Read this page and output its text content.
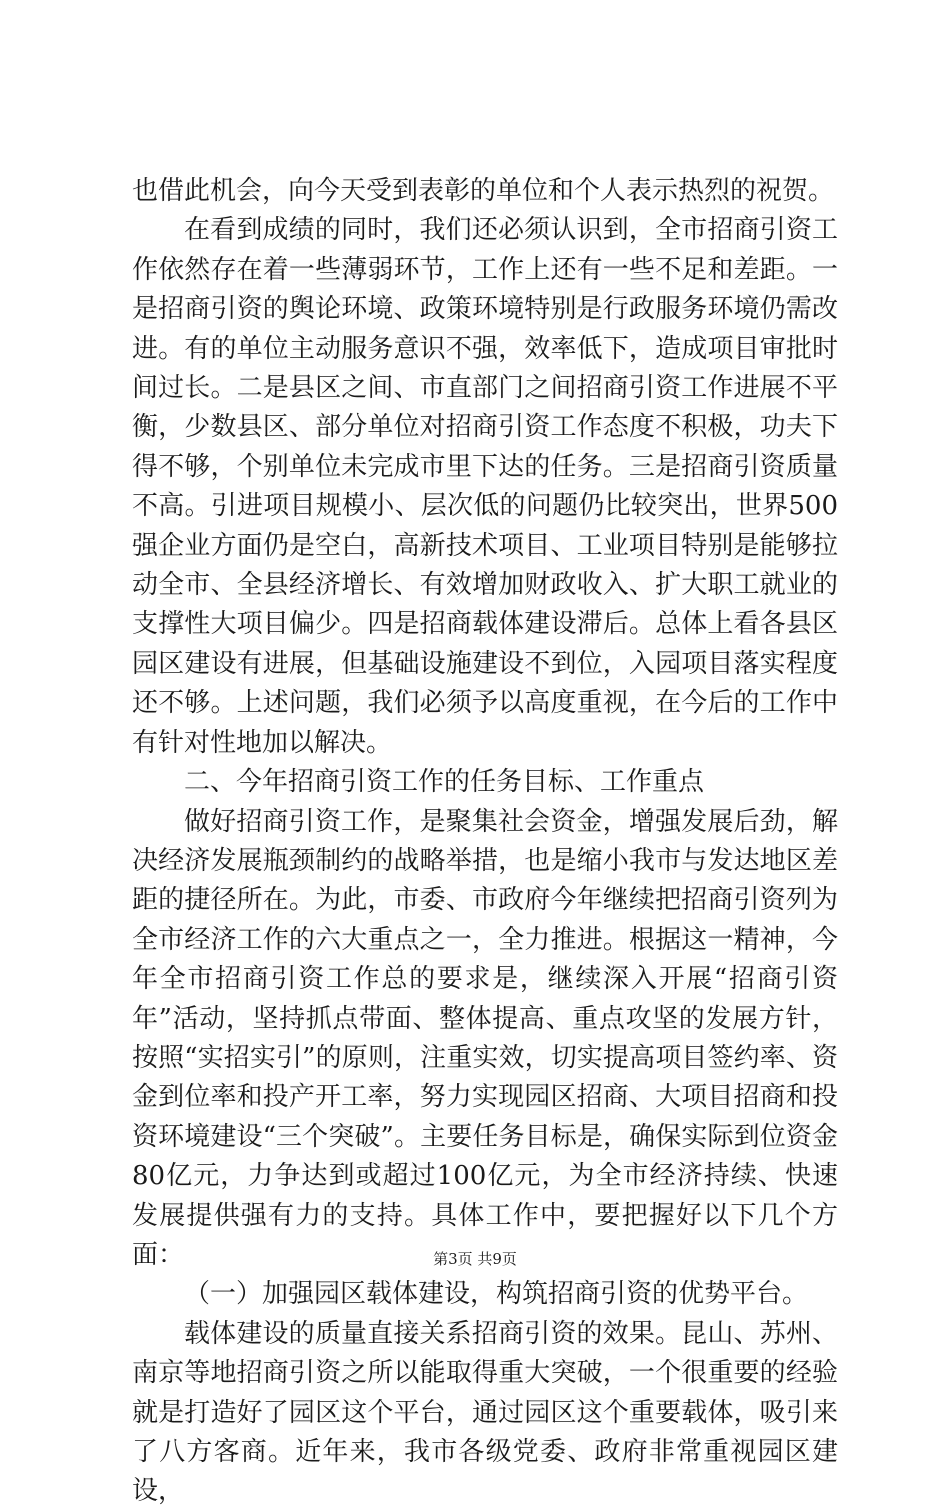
也借此机会，向今天受到表彰的单位和个人表示热烈的祝贺。

在看到成绩的同时，我们还必须认识到，全市招商引资工作依然存在着一些薄弱环节，工作上还有一些不足和差距。一是招商引资的舆论环境、政策环境特别是行政服务环境仍需改进。有的单位主动服务意识不强，效率低下，造成项目审批时间过长。二是县区之间、市直部门之间招商引资工作进展不平衡，少数县区、部分单位对招商引资工作态度不积极，功夫下得不够，个别单位未完成市里下达的任务。三是招商引资质量不高。引进项目规模小、层次低的问题仍比较突出，世界500强企业方面仍是空白，高新技术项目、工业项目特别是能够拉动全市、全县经济增长、有效增加财政收入、扩大职工就业的支撑性大项目偏少。四是招商载体建设滞后。总体上看各县区园区建设有进展，但基础设施建设不到位，入园项目落实程度还不够。上述问题，我们必须予以高度重视，在今后的工作中有针对性地加以解决。

二、今年招商引资工作的任务目标、工作重点

做好招商引资工作，是聚集社会资金，增强发展后劲，解决经济发展瓶颈制约的战略举措，也是缩小我市与发达地区差距的捷径所在。为此，市委、市政府今年继续把招商引资列为全市经济工作的六大重点之一，全力推进。根据这一精神，今年全市招商引资工作总的要求是，继续深入开展“招商引资年”活动，坚持抓点带面、整体提高、重点攻坚的发展方针，按照“实招实引”的原则，注重实效，切实提高项目签约率、资金到位率和投产开工率，努力实现园区招商、大项目招商和投资环境建设“三个突破”。主要任务目标是，确保实际到位资金80亿元，力争达到或超过100亿元，为全市经济持续、快速发展提供强有力的支持。具体工作中，要把握好以下几个方面：

（一）加强园区载体建设，构筑招商引资的优势平台。

载体建设的质量直接关系招商引资的效果。昆山、苏州、南京等地招商引资之所以能取得重大突破，一个很重要的经验就是打造好了园区这个平台，通过园区这个重要载体，吸引来了八方客商。近年来，我市各级党委、政府非常重视园区建设，

第3页 共9页
